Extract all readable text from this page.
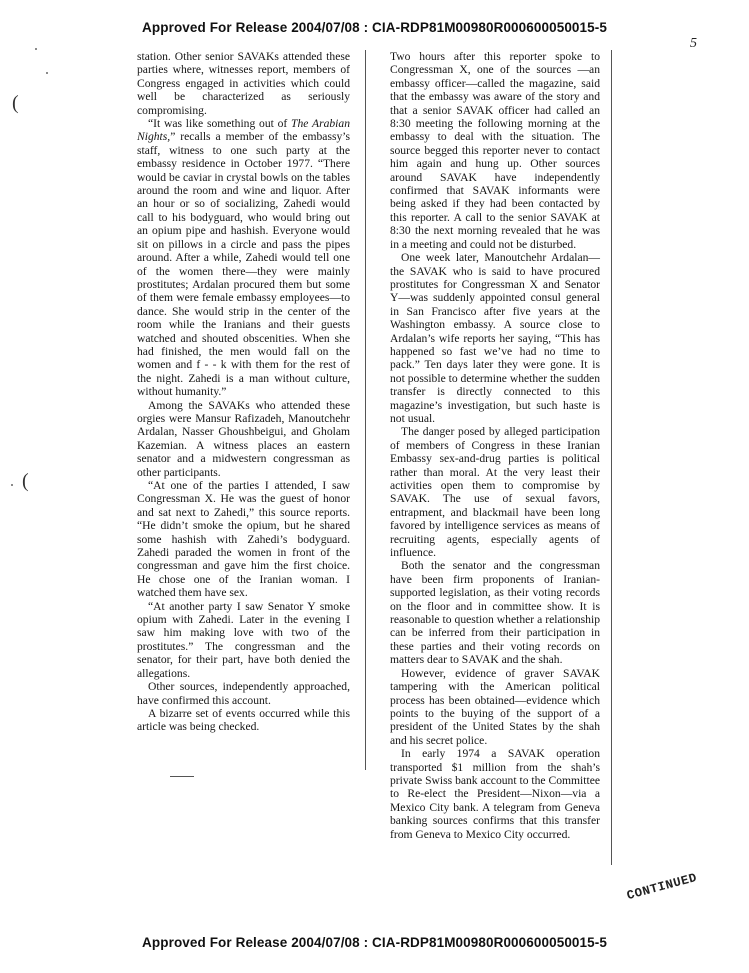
Approved For Release 2004/07/08 : CIA-RDP81M00980R000600050015-5
5
(
(

station. Other senior SAVAKs attended these parties where, witnesses report, members of Congress engaged in activities which could well be characterized as seriously compromising.

“It was like something out of The Arabian Nights,” recalls a member of the embassy’s staff, witness to one such party at the embassy residence in October 1977. “There would be caviar in crystal bowls on the tables around the room and wine and liquor. After an hour or so of socializing, Zahedi would call to his bodyguard, who would bring out an opium pipe and hashish. Everyone would sit on pillows in a circle and pass the pipes around. After a while, Zahedi would tell one of the women there—they were mainly prostitutes; Ardalan procured them but some of them were female embassy employees—to dance. She would strip in the center of the room while the Iranians and their guests watched and shouted obscenities. When she had finished, the men would fall on the women and f - - k with them for the rest of the night. Zahedi is a man without culture, without humanity.”

Among the SAVAKs who attended these orgies were Mansur Rafizadeh, Manoutchehr Ardalan, Nasser Ghoushbeigui, and Gholam Kazemian. A witness places an eastern senator and a midwestern congressman as other participants.

“At one of the parties I attended, I saw Congressman X. He was the guest of honor and sat next to Zahedi,” this source reports. “He didn’t smoke the opium, but he shared some hashish with Zahedi’s bodyguard. Zahedi paraded the women in front of the congressman and gave him the first choice. He chose one of the Iranian woman. I watched them have sex.

“At another party I saw Senator Y smoke opium with Zahedi. Later in the evening I saw him making love with two of the prostitutes.” The congressman and the senator, for their part, have both denied the allegations.

Other sources, independently approached, have confirmed this account.

A bizarre set of events occurred while this article was being checked.

Two hours after this reporter spoke to Congressman X, one of the sources —an embassy officer—called the magazine, said that the embassy was aware of the story and that a senior SAVAK officer had called an 8:30 meeting the following morning at the embassy to deal with the situation. The source begged this reporter never to contact him again and hung up. Other sources around SAVAK have independently confirmed that SAVAK informants were being asked if they had been contacted by this reporter. A call to the senior SAVAK at 8:30 the next morning revealed that he was in a meeting and could not be disturbed.

One week later, Manoutchehr Ardalan—the SAVAK who is said to have procured prostitutes for Congressman X and Senator Y—was suddenly appointed consul general in San Francisco after five years at the Washington embassy. A source close to Ardalan’s wife reports her saying, “This has happened so fast we’ve had no time to pack.” Ten days later they were gone. It is not possible to determine whether the sudden transfer is directly connected to this magazine’s investigation, but such haste is not usual.

The danger posed by alleged participation of members of Congress in these Iranian Embassy sex-and-drug parties is political rather than moral. At the very least their activities open them to compromise by SAVAK. The use of sexual favors, entrapment, and blackmail have been long favored by intelligence services as means of recruiting agents, especially agents of influence.

Both the senator and the congressman have been firm proponents of Iranian-supported legislation, as their voting records on the floor and in committee show. It is reasonable to question whether a relationship can be inferred from their participation in these parties and their voting records on matters dear to SAVAK and the shah.

However, evidence of graver SAVAK tampering with the American political process has been obtained—evidence which points to the buying of the support of a president of the United States by the shah and his secret police.

In early 1974 a SAVAK operation transported $1 million from the shah’s private Swiss bank account to the Committee to Re-elect the President—Nixon—via a Mexico City bank. A telegram from Geneva banking sources confirms that this transfer from Geneva to Mexico City occurred.

CONTINUED
Approved For Release 2004/07/08 : CIA-RDP81M00980R000600050015-5
